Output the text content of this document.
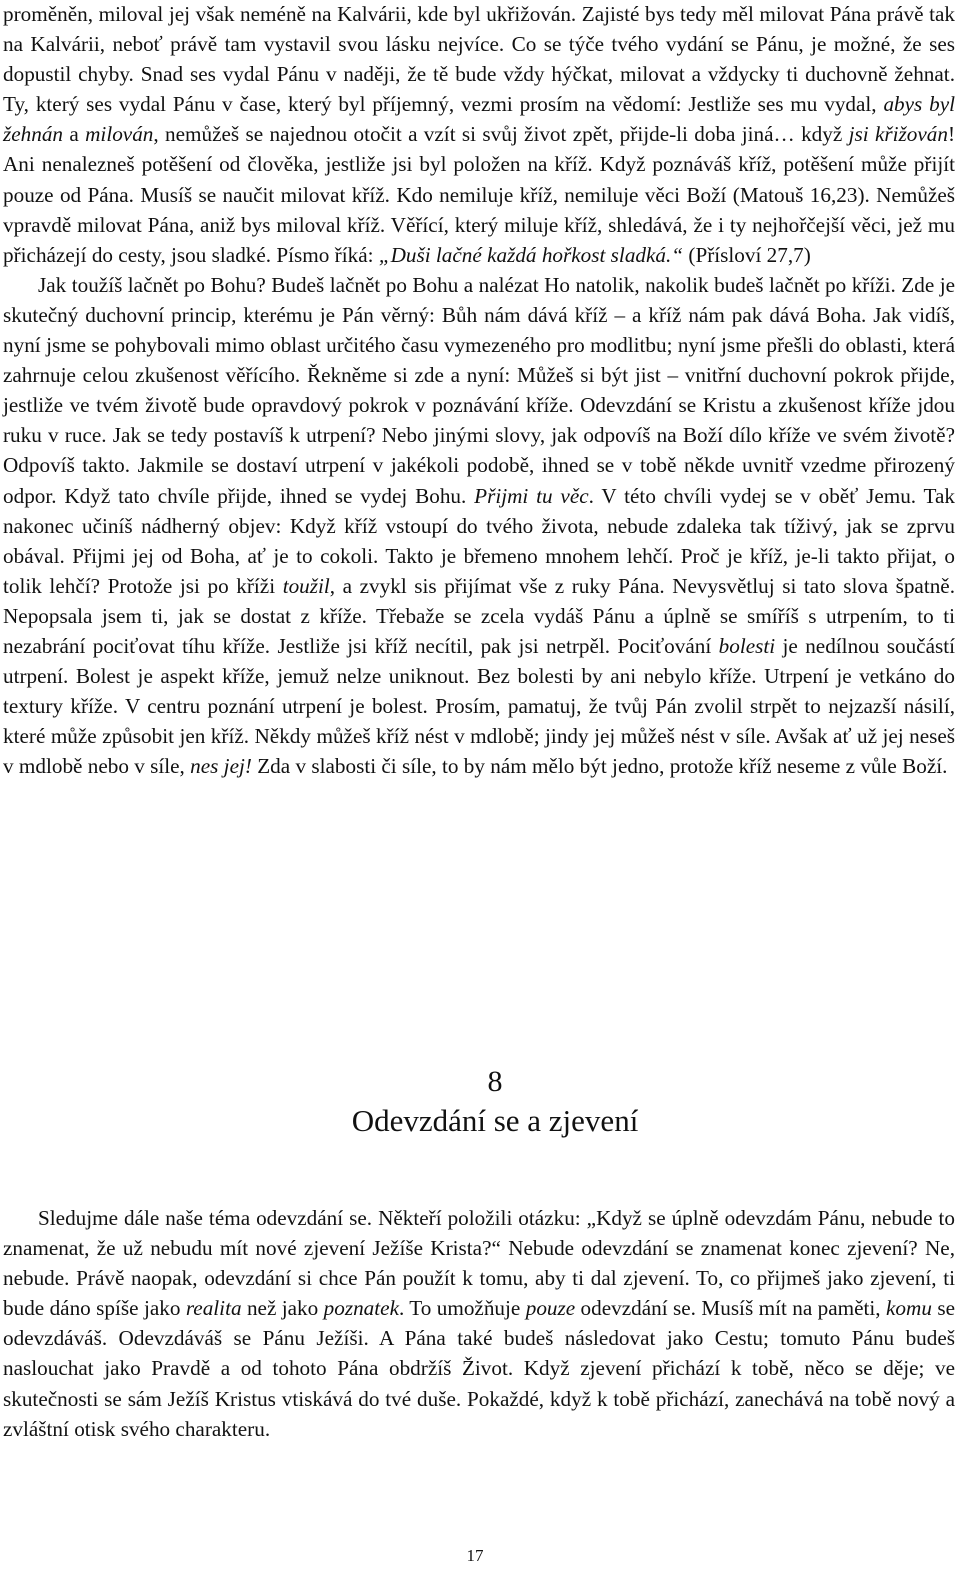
proměněn, miloval jej však neméně na Kalvárii, kde byl ukřižován. Zajisté bys tedy měl milovat Pána právě tak na Kalvárii, neboť právě tam vystavil svou lásku nejvíce. Co se týče tvého vydání se Pánu, je možné, že ses dopustil chyby. Snad ses vydal Pánu v naději, že tě bude vždy hýčkat, milovat a vždycky ti duchovně žehnat. Ty, který ses vydal Pánu v čase, který byl příjemný, vezmi prosím na vědomí: Jestliže ses mu vydal, abys byl žehnán a milován, nemůžeš se najednou otočit a vzít si svůj život zpět, přijde-li doba jiná… když jsi křižován! Ani nenalezneš potěšení od člověka, jestliže jsi byl položen na kříž. Když poznáváš kříž, potěšení může přijít pouze od Pána. Musíš se naučit milovat kříž. Kdo nemiluje kříž, nemiluje věci Boží (Matouš 16,23). Nemůžeš vpravdě milovat Pána, aniž bys miloval kříž. Věřící, který miluje kříž, shledává, že i ty nejhořčejší věci, jež mu přicházejí do cesty, jsou sladké. Písmo říká: „Duši lačné každá hořkost sladká.“ (Přísloví 27,7)

Jak toužíš lačnět po Bohu? Budeš lačnět po Bohu a nalézat Ho natolik, nakolik budeš lačnět po kříži. Zde je skutečný duchovní princip, kterému je Pán věrný: Bůh nám dává kříž – a kříž nám pak dává Boha. Jak vidíš, nyní jsme se pohybovali mimo oblast určitého času vymezeného pro modlitbu; nyní jsme přešli do oblasti, která zahrnuje celou zkušenost věřícího. Řekněme si zde a nyní: Můžeš si být jist – vnitřní duchovní pokrok přijde, jestliže ve tvém životě bude opravdový pokrok v poznávání kříže. Odevzdání se Kristu a zkušenost kříže jdou ruku v ruce. Jak se tedy postavíš k utrpení? Nebo jinými slovy, jak odpovíš na Boží dílo kříže ve svém životě? Odpovíš takto. Jakmile se dostaví utrpení v jakékoli podobě, ihned se v tobě někde uvnitř vzedme přirozený odpor. Když tato chvíle přijde, ihned se vydej Bohu. Přijmi tu věc. V této chvíli vydej se v oběť Jemu. Tak nakonec učiníš nádherný objev: Když kříž vstoupí do tvého života, nebude zdaleka tak tíživý, jak se zprvu obával. Přijmi jej od Boha, ať je to cokoli. Takto je břemeno mnohem lehčí. Proč je kříž, je-li takto přijat, o tolik lehčí? Protože jsi po kříži toužil, a zvykl sis přijímat vše z ruky Pána. Nevysvětluj si tato slova špatně. Nepopsala jsem ti, jak se dostat z kříže. Třebaže se zcela vydáš Pánu a úplně se smíříš s utrpením, to ti nezabrání pociťovat tíhu kříže. Jestliže jsi kříž necítil, pak jsi netrpěl. Pociťování bolesti je nedílnou součástí utrpení. Bolest je aspekt kříže, jemuž nelze uniknout. Bez bolesti by ani nebylo kříže. Utrpení je vetkáno do textury kříže. V centru poznání utrpení je bolest. Prosím, pamatuj, že tvůj Pán zvolil strpět to nejzazší násilí, které může způsobit jen kříž. Někdy můžeš kříž nést v mdlobě; jindy jej můžeš nést v síle. Avšak ať už jej neseš v mdlobě nebo v síle, nes jej! Zda v slabosti či síle, to by nám mělo být jedno, protože kříž neseme z vůle Boží.

8
Odevzdání se a zjevení

Sledujme dále naše téma odevzdání se. Někteří položili otázku: „Když se úplně odevzdám Pánu, nebude to znamenat, že už nebudu mít nové zjevení Ježíše Krista?“ Nebude odevzdání se znamenat konec zjevení? Ne, nebude. Právě naopak, odevzdání si chce Pán použít k tomu, aby ti dal zjevení. To, co přijmeš jako zjevení, ti bude dáno spíše jako realita než jako poznatek. To umožňuje pouze odevzdání se. Musíš mít na paměti, komu se odevzdáváš. Odevzdáváš se Pánu Ježíši. A Pána také budeš následovat jako Cestu; tomuto Pánu budeš naslouchat jako Pravdě a od tohoto Pána obdržíš Život. Když zjevení přichází k tobě, něco se děje; ve skutečnosti se sám Ježíš Kristus vtiskává do tvé duše. Pokaždé, když k tobě přichází, zanechává na tobě nový a zvláštní otisk svého charakteru.

17
